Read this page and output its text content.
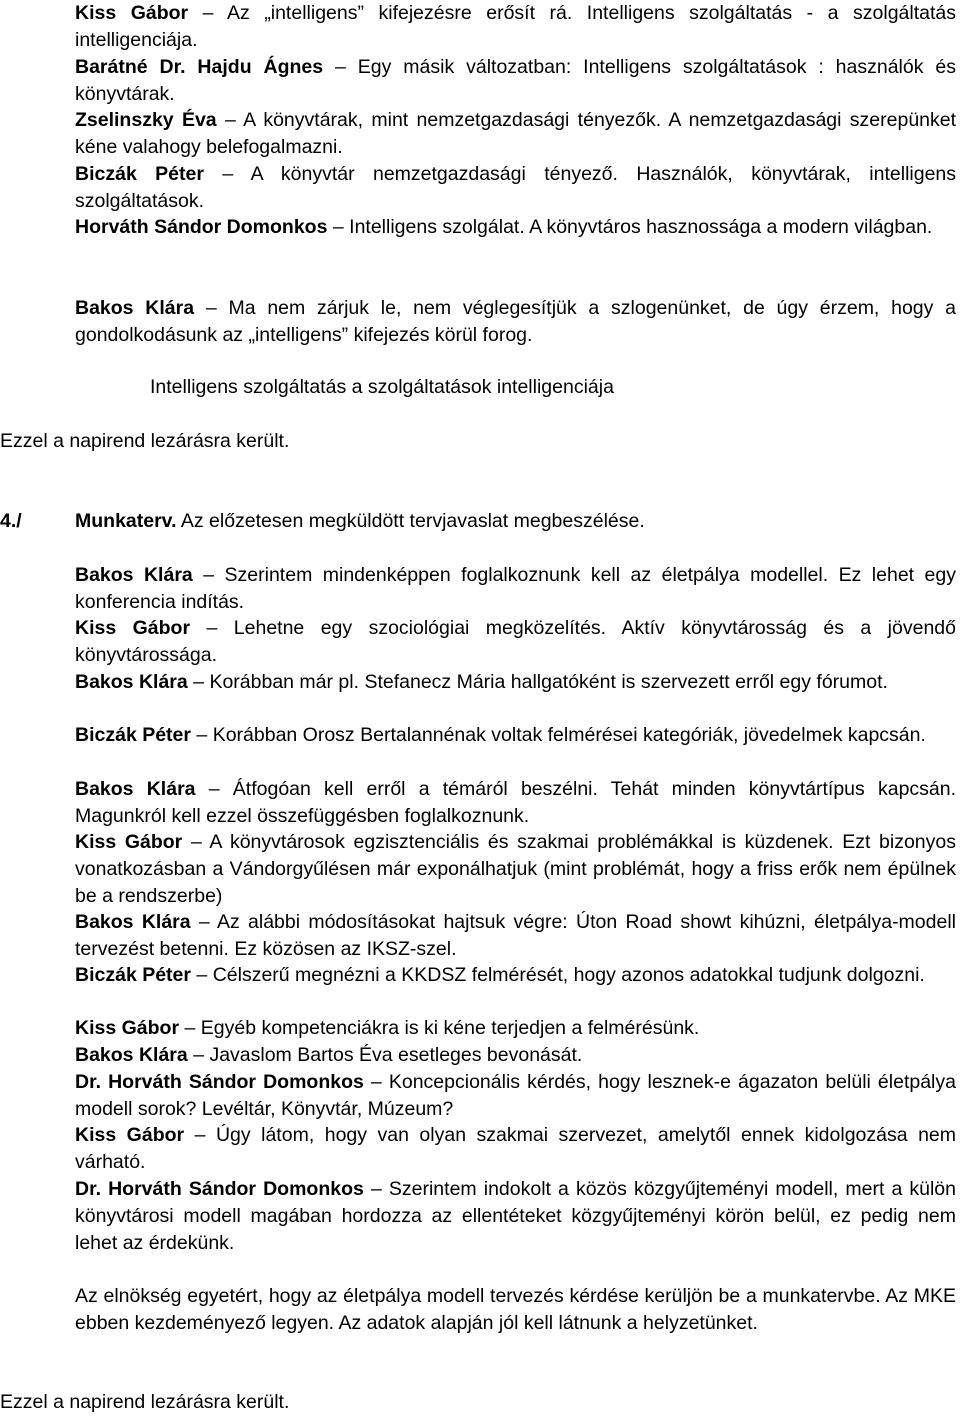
Kiss Gábor – Az „intelligens” kifejezésre erősít rá. Intelligens szolgáltatás - a szolgáltatás intelligenciája.
Barátné Dr. Hajdu Ágnes – Egy másik változatban: Intelligens szolgáltatások : használók és könyvtárak.
Zselinszky Éva – A könyvtárak, mint nemzetgazdasági tényezők. A nemzetgazdasági szerepünket kéne valahogy belefogalmazni.
Biczák Péter – A könyvtár nemzetgazdasági tényező. Használók, könyvtárak, intelligens szolgáltatások.
Horváth Sándor Domonkos – Intelligens szolgálat. A könyvtáros hasznossága a modern világban.
Bakos Klára – Ma nem zárjuk le, nem véglegesítjük a szlogenünket, de úgy érzem, hogy a gondolkodásunk az „intelligens” kifejezés körül forog.
Intelligens szolgáltatás a szolgáltatások intelligenciája
Ezzel a napirend lezárásra került.
4./	Munkaterv. Az előzetesen megküldött tervjavaslat megbeszélése.
Bakos Klára – Szerintem mindenképpen foglalkoznunk kell az életpálya modellel. Ez lehet egy konferencia indítás.
Kiss Gábor – Lehetne egy szociológiai megközelítés. Aktív könyvtárosság és a jövendő könyvtárossága.
Bakos Klára – Korábban már pl. Stefanecz Mária hallgatóként is szervezett erről egy fórumot.
Biczák Péter – Korábban Orosz Bertalannénak voltak felmérései kategóriák, jövedelmek kapcsán.
Bakos Klára – Átfogóan kell erről a témáról beszélni. Tehát minden könyvtártípus kapcsán. Magunkról kell ezzel összefüggésben foglalkoznunk.
Kiss Gábor – A könyvtárosok egzisztenciális és szakmai problémákkal is küzdenek. Ezt bizonyos vonatkozásban a Vándorgyűlésen már exponálhatjuk (mint problémát, hogy a friss erők nem épülnek be a rendszerbe)
Bakos Klára – Az alábbi módosításokat hajtsuk végre: Úton Road showt kihúzni, életpálya-modell tervezést betenni. Ez közösen az IKSZ-szel.
Biczák Péter – Célszerű megnézni a KKDSZ felmérését, hogy azonos adatokkal tudjunk dolgozni.
Kiss Gábor – Egyéb kompetenciákra is ki kéne terjedjen a felmérésünk.
Bakos Klára – Javaslom Bartos Éva esetleges bevonását.
Dr. Horváth Sándor Domonkos – Koncepcionális kérdés, hogy lesznek-e ágazaton belüli életpálya modell sorok? Levéltár, Könyvtár, Múzeum?
Kiss Gábor – Úgy látom, hogy van olyan szakmai szervezet, amelytől ennek kidolgozása nem várható.
Dr. Horváth Sándor Domonkos – Szerintem indokolt a közös közgyűjteményi modell, mert a külön könyvtárosi modell magában hordozza az ellentéteket közgyűjteményi körön belül, ez pedig nem lehet az érdekünk.
Az elnökség egyetért, hogy az életpálya modell tervezés kérdése kerüljön be a munkatervbe. Az MKE ebben kezdeményező legyen. Az adatok alapján jól kell látnunk a helyzetünket.
Ezzel a napirend lezárásra került.
